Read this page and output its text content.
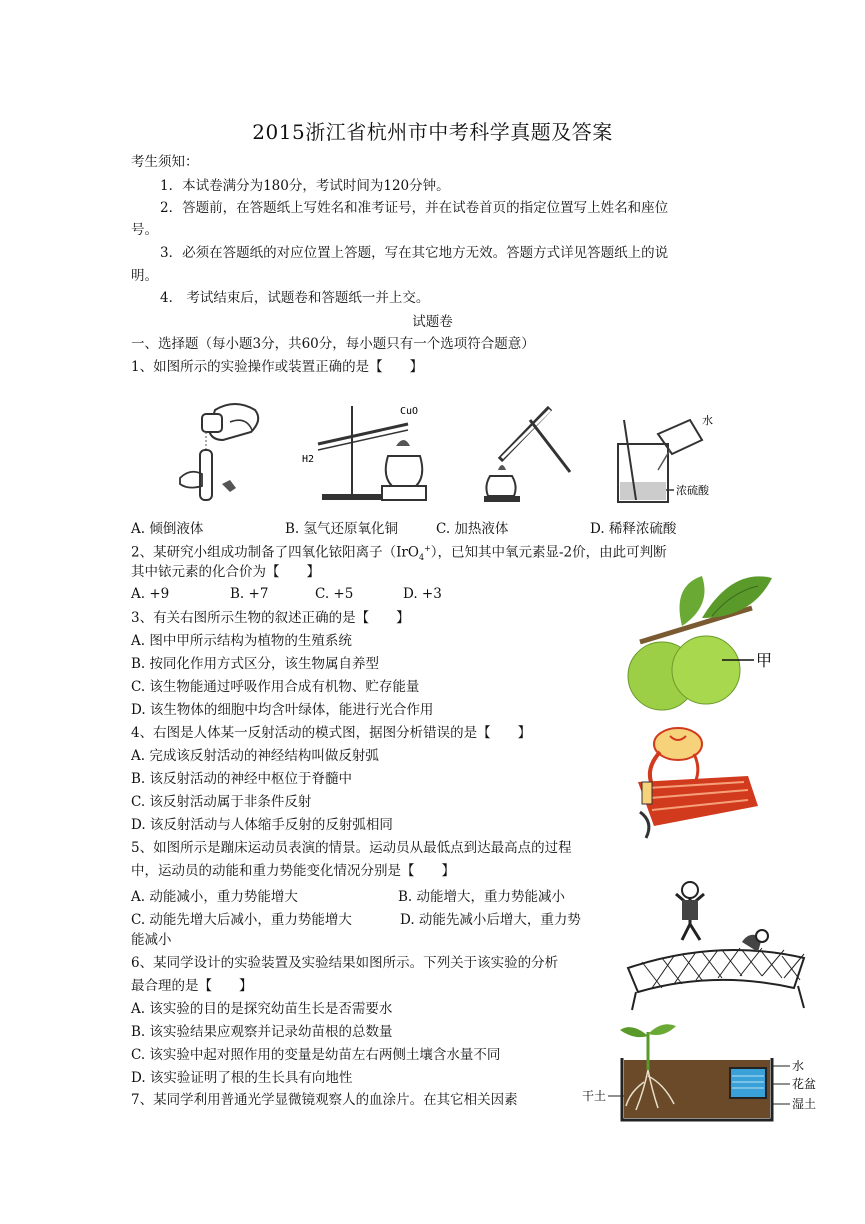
2015浙江省杭州市中考科学真题及答案
考生须知：
1．本试卷满分为180分，考试时间为120分钟。
2．答题前，在答题纸上写姓名和准考证号，并在试卷首页的指定位置写上姓名和座位
号。
3．必须在答题纸的对应位置上答题，写在其它地方无效。答题方式详见答题纸上的说
明。
4． 考试结束后，试题卷和答题纸一并上交。
试题卷
一、选择题（每小题3分，共60分，每小题只有一个选项符合题意）
1、如图所示的实验操作或装置正确的是【　　】
CuO
H2
水
浓硫酸
A. 倾倒液体	B. 氢气还原氧化铜	C. 加热液体	D. 稀释浓硫酸
2、某研究小组成功制备了四氧化铱阳离子（IrO$_4$+），已知其中氧元素显-2价，由此可判断
其中铱元素的化合价为【　　】
A. +9	B. +7	C. +5	D. +3
甲
3、有关右图所示生物的叙述正确的是【　　】
A. 图中甲所示结构为植物的生殖系统
B. 按同化作用方式区分，该生物属自养型
C. 该生物能通过呼吸作用合成有机物、贮存能量
D. 该生物体的细胞中均含叶绿体，能进行光合作用
4、右图是人体某一反射活动的模式图，据图分析错误的是【　　】
A. 完成该反射活动的神经结构叫做反射弧
B. 该反射活动的神经中枢位于脊髓中
C. 该反射活动属于非条件反射
D. 该反射活动与人体缩手反射的反射弧相同
5、如图所示是蹦床运动员表演的情景。运动员从最低点到达最高点的过程
中，运动员的动能和重力势能变化情况分别是【　　】
A. 动能减小，重力势能增大	B. 动能增大，重力势能减小
C. 动能先增大后减小，重力势能增大	D. 动能先减小后增大，重力势
能减小
6、某同学设计的实验装置及实验结果如图所示。下列关于该实验的分析
最合理的是【　　】
A. 该实验的目的是探究幼苗生长是否需要水
B. 该实验结果应观察并记录幼苗根的总数量
C. 该实验中起对照作用的变量是幼苗左右两侧土壤含水量不同
D. 该实验证明了根的生长具有向地性
水
花盆
湿土
干土
7、某同学利用普通光学显微镜观察人的血涂片。在其它相关因素
